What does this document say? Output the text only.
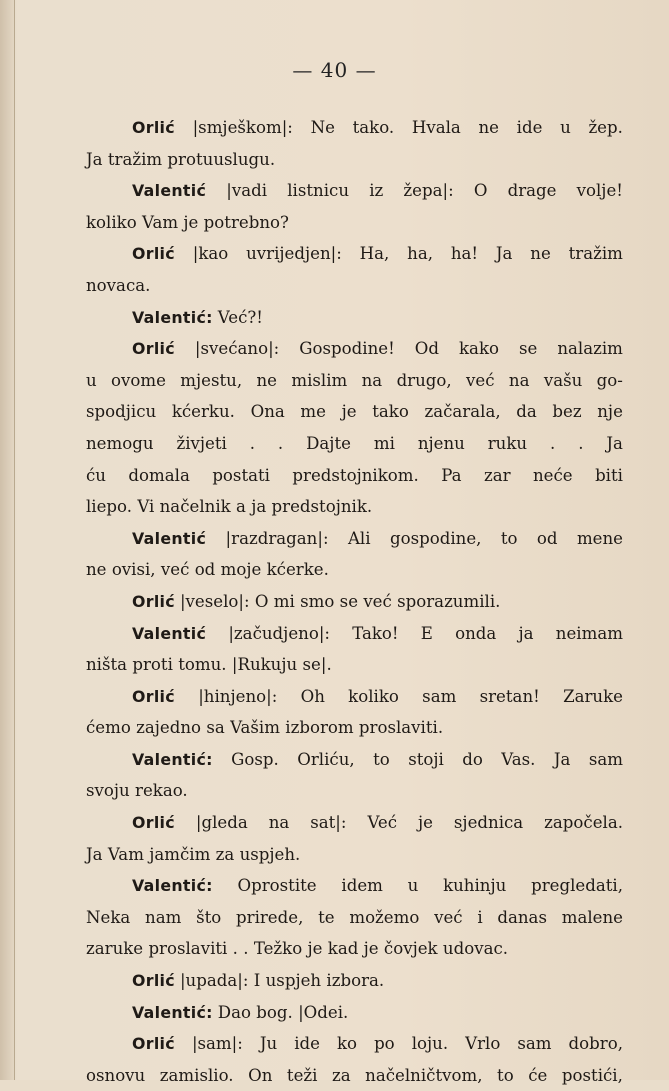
— 40 —
Orlić |smješkom|: Ne tako. Hvala ne ide u žep.
Ja tražim protuuslugu.
Valentić |vadi listnicu iz žepa|: O drage volje!
koliko Vam je potrebno?
Orlić |kao uvrijedjen|: Ha, ha, ha! Ja ne tražim
novaca.
Valentić: Već?!
Orlić |svećano|: Gospodine! Od kako se nalazim
u ovome mjestu, ne mislim na drugo, već na vašu go-
spodjicu kćerku. Ona me je tako začarala, da bez nje
nemogu živjeti . . Dajte mi njenu ruku . . Ja
ću domala postati predstojnikom. Pa zar neće biti
liepo. Vi načelnik a ja predstojnik.
Valentić |razdragan|: Ali gospodine, to od mene
ne ovisi, već od moje kćerke.
Orlić |veselo|: O mi smo se već sporazumili.
Valentić |začudjeno|: Tako! E onda ja neimam
ništa proti tomu. |Rukuju se|.
Orlić |hinjeno|: Oh koliko sam sretan! Zaruke
ćemo zajedno sa Vašim izborom proslaviti.
Valentić: Gosp. Orliću, to stoji do Vas. Ja sam
svoju rekao.
Orlić |gleda na sat|: Već je sjednica započela.
Ja Vam jamčim za uspjeh.
Valentić: Oprostite idem u kuhinju pregledati,
Neka nam što prirede, te možemo već i danas malene
zaruke proslaviti . . Težko je kad je čovjek udovac.
Orlić |upada|: I uspjeh izbora.
Valentić: Dao bog. |Odei.
Orlić |sam|: Ju ide ko po loju. Vrlo sam dobro,
osnovu zamislio. On teži za načelničtvom, to će postići,
